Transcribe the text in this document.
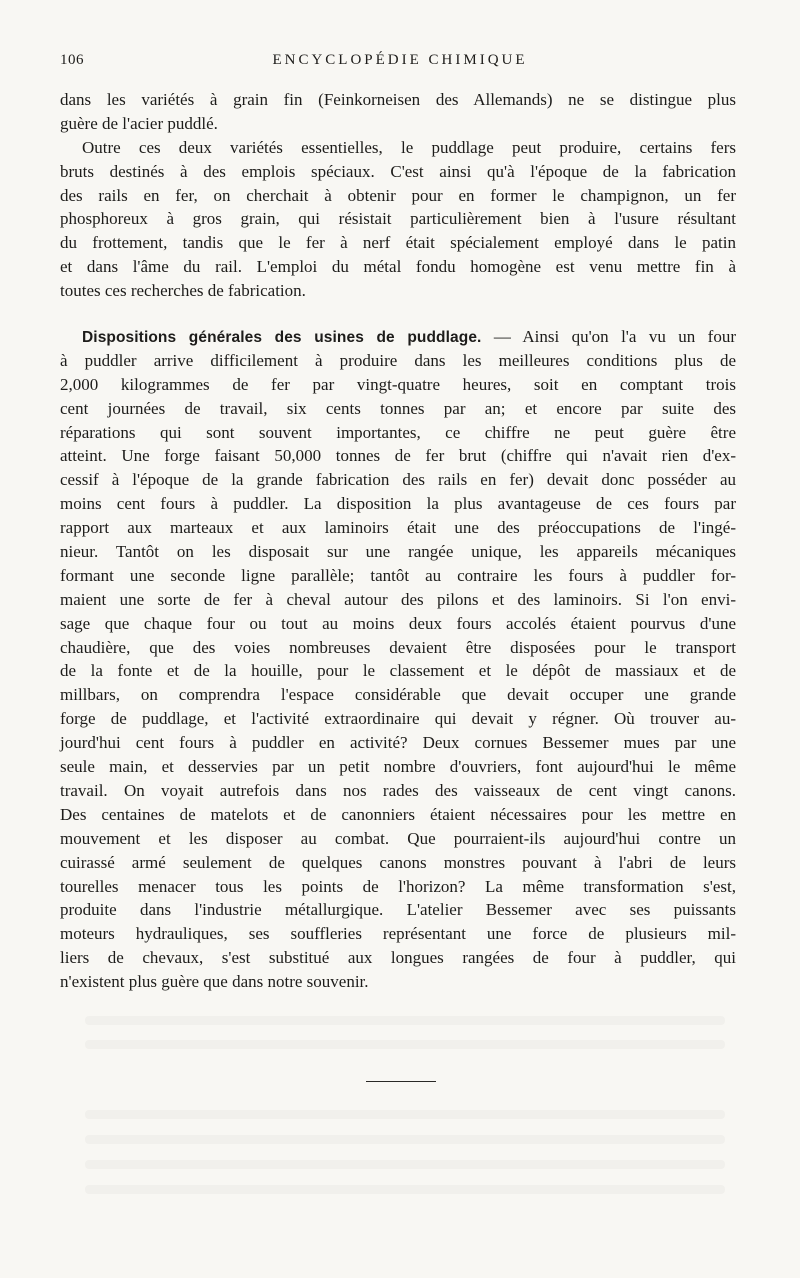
106	ENCYCLOPÉDIE CHIMIQUE

dans les variétés à grain fin (Feinkorneisen des Allemands) ne se distingue plus
guère de l'acier puddlé.

Outre ces deux variétés essentielles, le puddlage peut produire, certains fers
bruts destinés à des emplois spéciaux. C'est ainsi qu'à l'époque de la fabrication
des rails en fer, on cherchait à obtenir pour en former le champignon, un fer
phosphoreux à gros grain, qui résistait particulièrement bien à l'usure résultant
du frottement, tandis que le fer à nerf était spécialement employé dans le patin
et dans l'âme du rail. L'emploi du métal fondu homogène est venu mettre fin à
toutes ces recherches de fabrication.

Dispositions générales des usines de puddlage. — Ainsi qu'on l'a vu un four
à puddler arrive difficilement à produire dans les meilleures conditions plus de
2,000 kilogrammes de fer par vingt-quatre heures, soit en comptant trois
cent journées de travail, six cents tonnes par an; et encore par suite des
réparations qui sont souvent importantes, ce chiffre ne peut guère être
atteint. Une forge faisant 50,000 tonnes de fer brut (chiffre qui n'avait rien d'ex-
cessif à l'époque de la grande fabrication des rails en fer) devait donc posséder au
moins cent fours à puddler. La disposition la plus avantageuse de ces fours par
rapport aux marteaux et aux laminoirs était une des préoccupations de l'ingé-
nieur. Tantôt on les disposait sur une rangée unique, les appareils mécaniques
formant une seconde ligne parallèle; tantôt au contraire les fours à puddler for-
maient une sorte de fer à cheval autour des pilons et des laminoirs. Si l'on envi-
sage que chaque four ou tout au moins deux fours accolés étaient pourvus d'une
chaudière, que des voies nombreuses devaient être disposées pour le transport
de la fonte et de la houille, pour le classement et le dépôt de massiaux et de
millbars, on comprendra l'espace considérable que devait occuper une grande
forge de puddlage, et l'activité extraordinaire qui devait y régner. Où trouver au-
jourd'hui cent fours à puddler en activité? Deux cornues Bessemer mues par une
seule main, et desservies par un petit nombre d'ouvriers, font aujourd'hui le même
travail. On voyait autrefois dans nos rades des vaisseaux de cent vingt canons.
Des centaines de matelots et de canonniers étaient nécessaires pour les mettre en
mouvement et les disposer au combat. Que pourraient-ils aujourd'hui contre un
cuirassé armé seulement de quelques canons monstres pouvant à l'abri de leurs
tourelles menacer tous les points de l'horizon? La même transformation s'est,
produite dans l'industrie métallurgique. L'atelier Bessemer avec ses puissants
moteurs hydrauliques, ses souffleries représentant une force de plusieurs mil-
liers de chevaux, s'est substitué aux longues rangées de four à puddler, qui
n'existent plus guère que dans notre souvenir.
